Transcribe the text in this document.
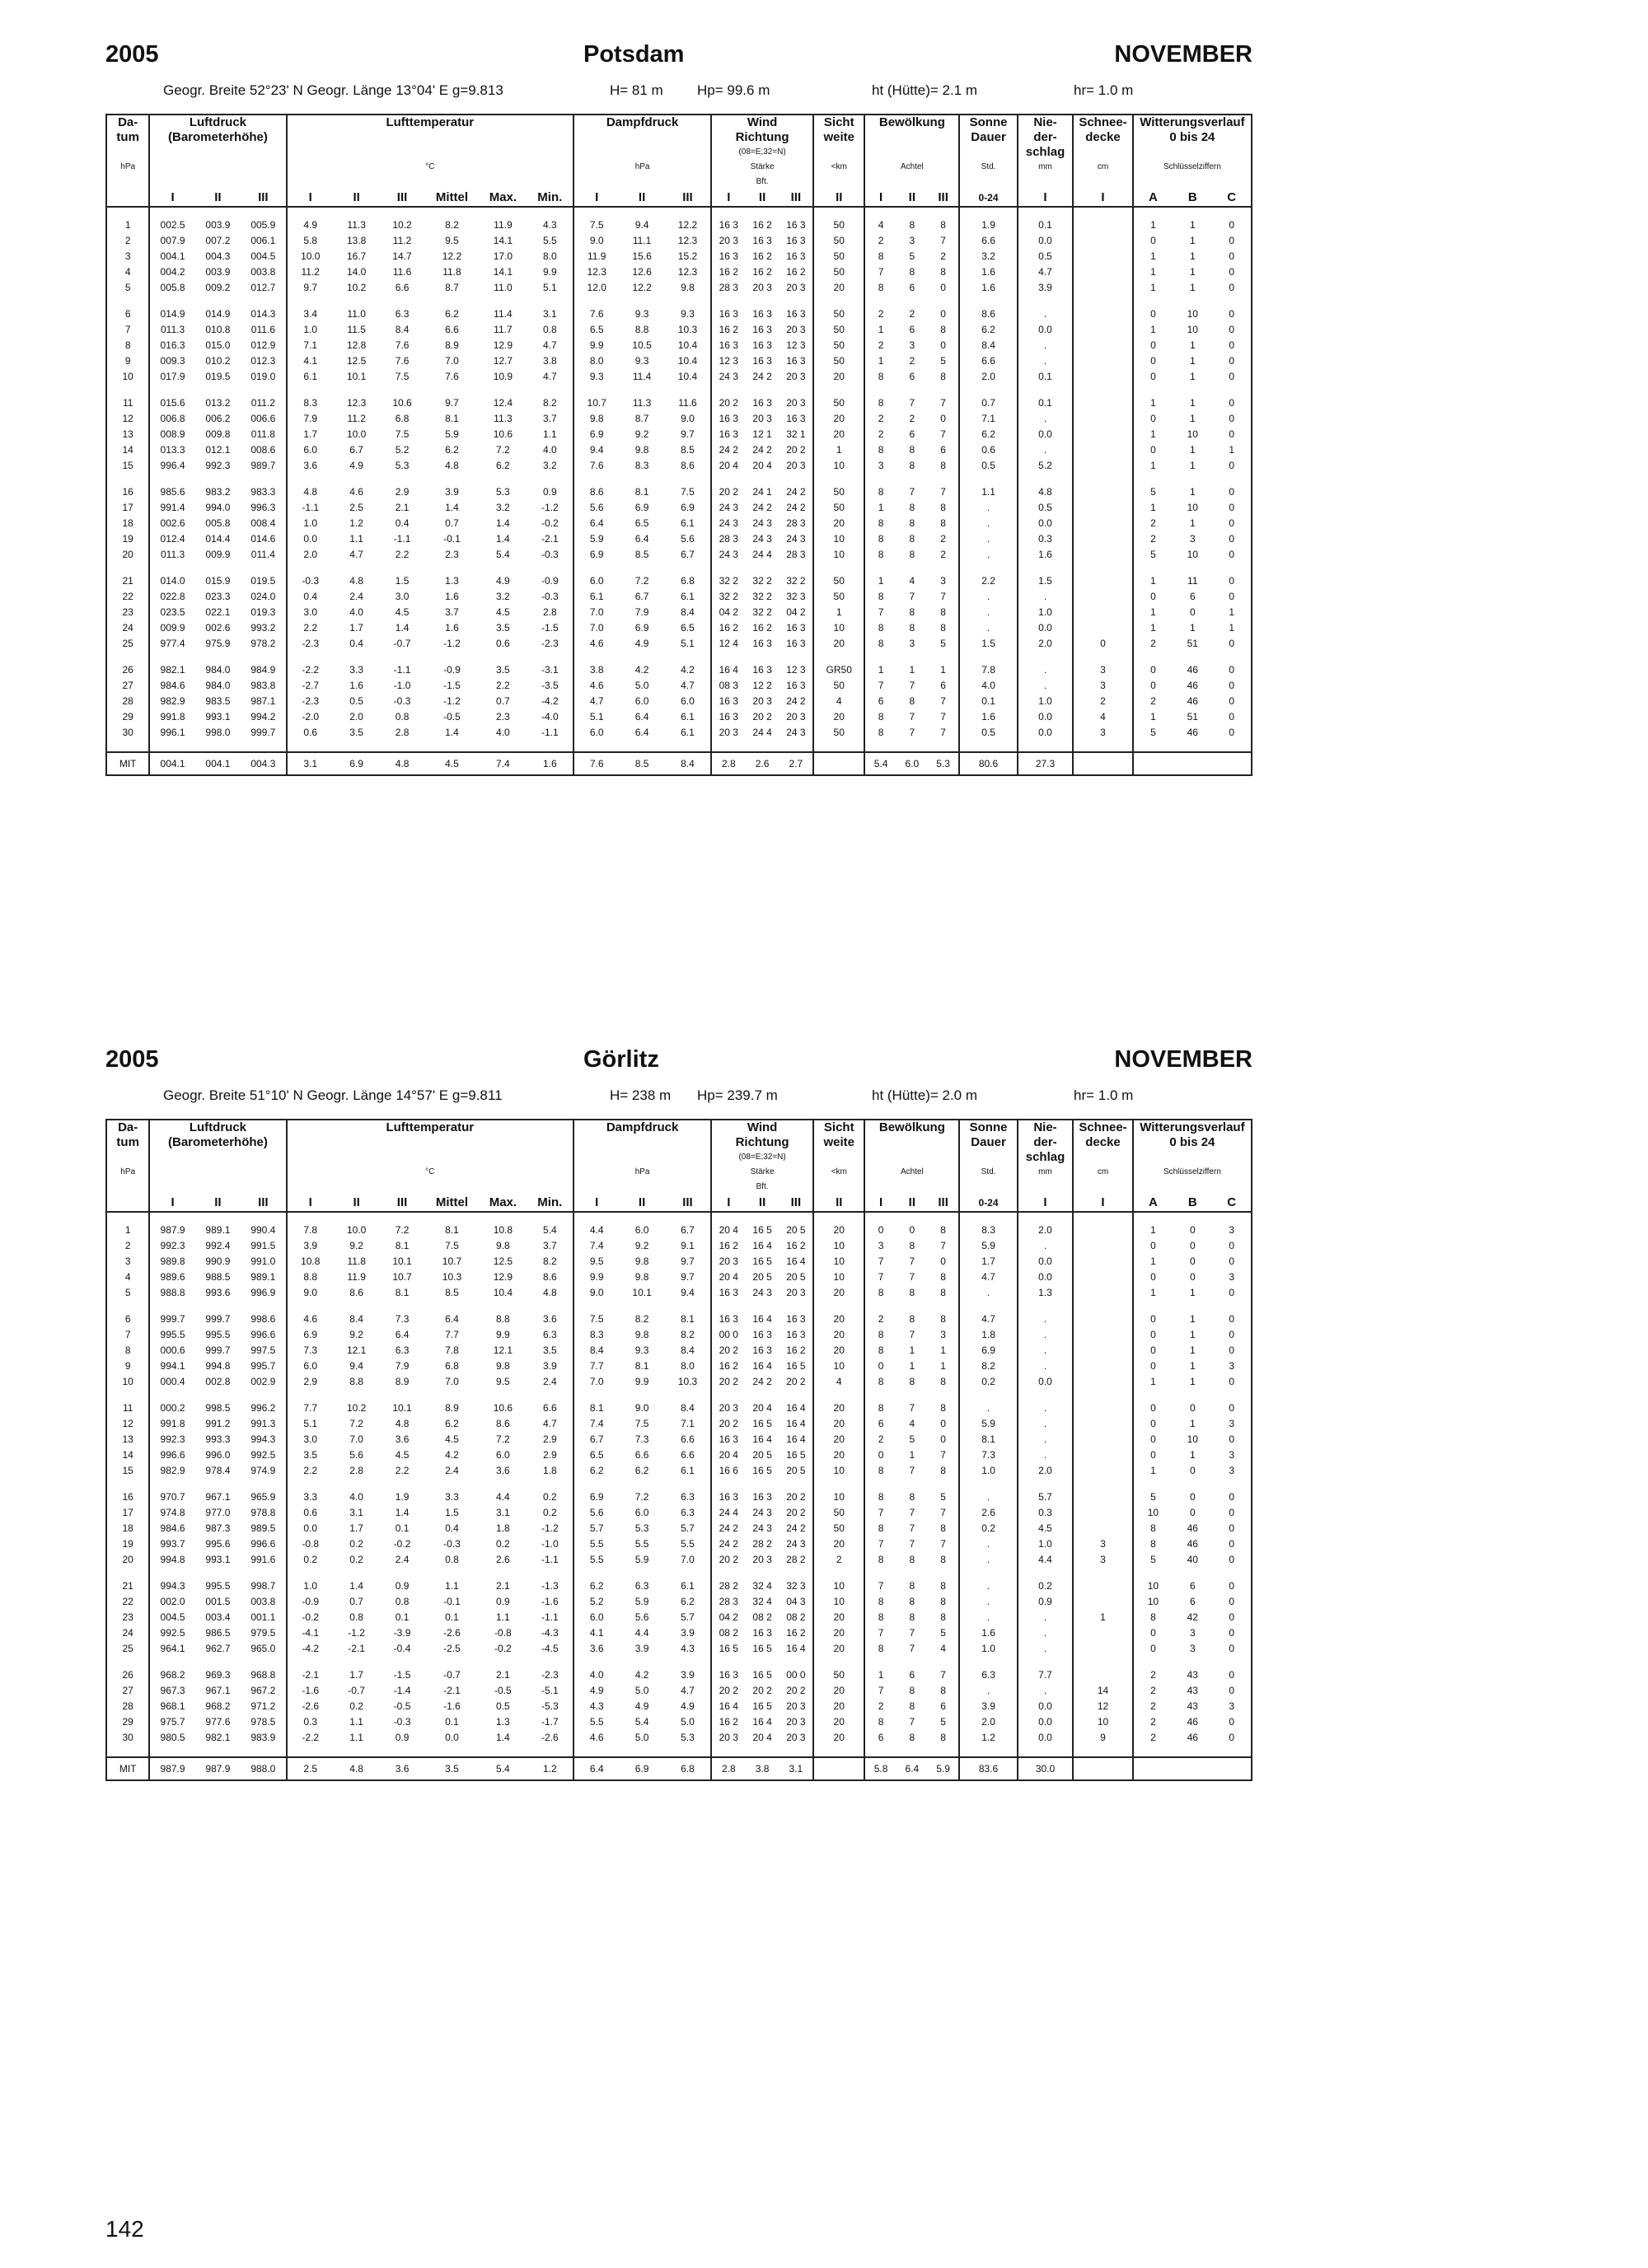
2005	Potsdam	NOVEMBER
Geogr. Breite 52°23' N Geogr. Länge 13°04' E g=9.813	H= 81 m Hp= 99.6 m	ht (Hütte)= 2.1 m	hr= 1.0 m
Da-	Luftdruck			Lufttemperatur						Dampfdruck			Wind			Sicht	Bewölkung			Sonne	Nie-	Schnee-	Witterungsverlauf		
tum	(Barometerhöhe)												Richtung			weite				Dauer	der-	decke	0 bis 24		
													(08=E;32=N)								schlag				
hPa				°C						hPa			Stärke			<km	Achtel			Std.	mm	cm	Schlüsselziffern		
													Bft.												
	I	II	III	I	II	III	Mittel	Max.	Min.	I	II	III	I	II	III	II	I	II	III	0-24	I	I	A	B	C

1	002.5	003.9	005.9	4.9	11.3	10.2	8.2	11.9	4.3	7.5	9.4	12.2	16 3	16 2	16 3	50	4	8	8	1.9	0.1		1	1	0
2	007.9	007.2	006.1	5.8	13.8	11.2	9.5	14.1	5.5	9.0	11.1	12.3	20 3	16 3	16 3	50	2	3	7	6.6	0.0		0	1	0
3	004.1	004.3	004.5	10.0	16.7	14.7	12.2	17.0	8.0	11.9	15.6	15.2	16 3	16 2	16 3	50	8	5	2	3.2	0.5		1	1	0
4	004.2	003.9	003.8	11.2	14.0	11.6	11.8	14.1	9.9	12.3	12.6	12.3	16 2	16 2	16 2	50	7	8	8	1.6	4.7		1	1	0
5	005.8	009.2	012.7	9.7	10.2	6.6	8.7	11.0	5.1	12.0	12.2	9.8	28 3	20 3	20 3	20	8	6	0	1.6	3.9		1	1	0

6	014.9	014.9	014.3	3.4	11.0	6.3	6.2	11.4	3.1	7.6	9.3	9.3	16 3	16 3	16 3	50	2	2	0	8.6	.		0	10	0
7	011.3	010.8	011.6	1.0	11.5	8.4	6.6	11.7	0.8	6.5	8.8	10.3	16 2	16 3	20 3	50	1	6	8	6.2	0.0		1	10	0
8	016.3	015.0	012.9	7.1	12.8	7.6	8.9	12.9	4.7	9.9	10.5	10.4	16 3	16 3	12 3	50	2	3	0	8.4	.		0	1	0
9	009.3	010.2	012.3	4.1	12.5	7.6	7.0	12.7	3.8	8.0	9.3	10.4	12 3	16 3	16 3	50	1	2	5	6.6	.		0	1	0
10	017.9	019.5	019.0	6.1	10.1	7.5	7.6	10.9	4.7	9.3	11.4	10.4	24 3	24 2	20 3	20	8	6	8	2.0	0.1		0	1	0

11	015.6	013.2	011.2	8.3	12.3	10.6	9.7	12.4	8.2	10.7	11.3	11.6	20 2	16 3	20 3	50	8	7	7	0.7	0.1		1	1	0
12	006.8	006.2	006.6	7.9	11.2	6.8	8.1	11.3	3.7	9.8	8.7	9.0	16 3	20 3	16 3	20	2	2	0	7.1	.		0	1	0
13	008.9	009.8	011.8	1.7	10.0	7.5	5.9	10.6	1.1	6.9	9.2	9.7	16 3	12 1	32 1	20	2	6	7	6.2	0.0		1	10	0
14	013.3	012.1	008.6	6.0	6.7	5.2	6.2	7.2	4.0	9.4	9.8	8.5	24 2	24 2	20 2	1	8	8	6	0.6	.		0	1	1
15	996.4	992.3	989.7	3.6	4.9	5.3	4.8	6.2	3.2	7.6	8.3	8.6	20 4	20 4	20 3	10	3	8	8	0.5	5.2		1	1	0

16	985.6	983.2	983.3	4.8	4.6	2.9	3.9	5.3	0.9	8.6	8.1	7.5	20 2	24 1	24 2	50	8	7	7	1.1	4.8		5	1	0
17	991.4	994.0	996.3	-1.1	2.5	2.1	1.4	3.2	-1.2	5.6	6.9	6.9	24 3	24 2	24 2	50	1	8	8	.	0.5		1	10	0
18	002.6	005.8	008.4	1.0	1.2	0.4	0.7	1.4	-0.2	6.4	6.5	6.1	24 3	24 3	28 3	20	8	8	8	.	0.0		2	1	0
19	012.4	014.4	014.6	0.0	1.1	-1.1	-0.1	1.4	-2.1	5.9	6.4	5.6	28 3	24 3	24 3	10	8	8	2	.	0.3		2	3	0
20	011.3	009.9	011.4	2.0	4.7	2.2	2.3	5.4	-0.3	6.9	8.5	6.7	24 3	24 4	28 3	10	8	8	2	.	1.6		5	10	0

21	014.0	015.9	019.5	-0.3	4.8	1.5	1.3	4.9	-0.9	6.0	7.2	6.8	32 2	32 2	32 2	50	1	4	3	2.2	1.5		1	11	0
22	022.8	023.3	024.0	0.4	2.4	3.0	1.6	3.2	-0.3	6.1	6.7	6.1	32 2	32 2	32 3	50	8	7	7	.	.		0	6	0
23	023.5	022.1	019.3	3.0	4.0	4.5	3.7	4.5	2.8	7.0	7.9	8.4	04 2	32 2	04 2	1	7	8	8	.	1.0		1	0	1
24	009.9	002.6	993.2	2.2	1.7	1.4	1.6	3.5	-1.5	7.0	6.9	6.5	16 2	16 2	16 3	10	8	8	8	.	0.0		1	1	1
25	977.4	975.9	978.2	-2.3	0.4	-0.7	-1.2	0.6	-2.3	4.6	4.9	5.1	12 4	16 3	16 3	20	8	3	5	1.5	2.0	0	2	51	0

26	982.1	984.0	984.9	-2.2	3.3	-1.1	-0.9	3.5	-3.1	3.8	4.2	4.2	16 4	16 3	12 3	GR50	1	1	1	7.8	.	3	0	46	0
27	984.6	984.0	983.8	-2.7	1.6	-1.0	-1.5	2.2	-3.5	4.6	5.0	4.7	08 3	12 2	16 3	50	7	7	6	4.0	.	3	0	46	0
28	982.9	983.5	987.1	-2.3	0.5	-0.3	-1.2	0.7	-4.2	4.7	6.0	6.0	16 3	20 3	24 2	4	6	8	7	0.1	1.0	2	2	46	0
29	991.8	993.1	994.2	-2.0	2.0	0.8	-0.5	2.3	-4.0	5.1	6.4	6.1	16 3	20 2	20 3	20	8	7	7	1.6	0.0	4	1	51	0
30	996.1	998.0	999.7	0.6	3.5	2.8	1.4	4.0	-1.1	6.0	6.4	6.1	20 3	24 4	24 3	50	8	7	7	0.5	0.0	3	5	46	0

MIT	004.1	004.1	004.3	3.1	6.9	4.8	4.5	7.4	1.6	7.6	8.5	8.4	2.8	2.6	2.7		5.4	6.0	5.3	80.6	27.3				
2005	Görlitz	NOVEMBER
Geogr. Breite 51°10' N Geogr. Länge 14°57' E g=9.811	H= 238 m Hp= 239.7 m	ht (Hütte)= 2.0 m	hr= 1.0 m
Da-	Luftdruck			Lufttemperatur						Dampfdruck			Wind			Sicht	Bewölkung			Sonne	Nie-	Schnee-	Witterungsverlauf		
tum	(Barometerhöhe)												Richtung			weite				Dauer	der-	decke	0 bis 24		
													(08=E;32=N)								schlag				
hPa				°C						hPa			Stärke			<km	Achtel			Std.	mm	cm	Schlüsselziffern		
													Bft.												
	I	II	III	I	II	III	Mittel	Max.	Min.	I	II	III	I	II	III	II	I	II	III	0-24	I	I	A	B	C

1	987.9	989.1	990.4	7.8	10.0	7.2	8.1	10.8	5.4	4.4	6.0	6.7	20 4	16 5	20 5	20	0	0	8	8.3	2.0		1	0	3
2	992.3	992.4	991.5	3.9	9.2	8.1	7.5	9.8	3.7	7.4	9.2	9.1	16 2	16 4	16 2	10	3	8	7	5.9	.		0	0	0
3	989.8	990.9	991.0	10.8	11.8	10.1	10.7	12.5	8.2	9.5	9.8	9.7	20 3	16 5	16 4	10	7	7	0	1.7	0.0		1	0	0
4	989.6	988.5	989.1	8.8	11.9	10.7	10.3	12.9	8.6	9.9	9.8	9.7	20 4	20 5	20 5	10	7	7	8	4.7	0.0		0	0	3
5	988.8	993.6	996.9	9.0	8.6	8.1	8.5	10.4	4.8	9.0	10.1	9.4	16 3	24 3	20 3	20	8	8	8	.	1.3		1	1	0

6	999.7	999.7	998.6	4.6	8.4	7.3	6.4	8.8	3.6	7.5	8.2	8.1	16 3	16 4	16 3	20	2	8	8	4.7	.		0	1	0
7	995.5	995.5	996.6	6.9	9.2	6.4	7.7	9.9	6.3	8.3	9.8	8.2	00 0	16 3	16 3	20	8	7	3	1.8	.		0	1	0
8	000.6	999.7	997.5	7.3	12.1	6.3	7.8	12.1	3.5	8.4	9.3	8.4	20 2	16 3	16 2	20	8	1	1	6.9	.		0	1	0
9	994.1	994.8	995.7	6.0	9.4	7.9	6.8	9.8	3.9	7.7	8.1	8.0	16 2	16 4	16 5	10	0	1	1	8.2	.		0	1	3
10	000.4	002.8	002.9	2.9	8.8	8.9	7.0	9.5	2.4	7.0	9.9	10.3	20 2	24 2	20 2	4	8	8	8	0.2	0.0		1	1	0

11	000.2	998.5	996.2	7.7	10.2	10.1	8.9	10.6	6.6	8.1	9.0	8.4	20 3	20 4	16 4	20	8	7	8	.	.		0	0	0
12	991.8	991.2	991.3	5.1	7.2	4.8	6.2	8.6	4.7	7.4	7.5	7.1	20 2	16 5	16 4	20	6	4	0	5.9	.		0	1	3
13	992.3	993.3	994.3	3.0	7.0	3.6	4.5	7.2	2.9	6.7	7.3	6.6	16 3	16 4	16 4	20	2	5	0	8.1	.		0	10	0
14	996.6	996.0	992.5	3.5	5.6	4.5	4.2	6.0	2.9	6.5	6.6	6.6	20 4	20 5	16 5	20	0	1	7	7.3	.		0	1	3
15	982.9	978.4	974.9	2.2	2.8	2.2	2.4	3.6	1.8	6.2	6.2	6.1	16 6	16 5	20 5	10	8	7	8	1.0	2.0		1	0	3

16	970.7	967.1	965.9	3.3	4.0	1.9	3.3	4.4	0.2	6.9	7.2	6.3	16 3	16 3	20 2	10	8	8	5	.	5.7		5	0	0
17	974.8	977.0	978.8	0.6	3.1	1.4	1.5	3.1	0.2	5.6	6.0	6.3	24 4	24 3	20 2	50	7	7	7	2.6	0.3		10	0	0
18	984.6	987.3	989.5	0.0	1.7	0.1	0.4	1.8	-1.2	5.7	5.3	5.7	24 2	24 3	24 2	50	8	7	8	0.2	4.5		8	46	0
19	993.7	995.6	996.6	-0.8	0.2	-0.2	-0.3	0.2	-1.0	5.5	5.5	5.5	24 2	28 2	24 3	20	7	7	7	.	1.0	3	8	46	0
20	994.8	993.1	991.6	0.2	0.2	2.4	0.8	2.6	-1.1	5.5	5.9	7.0	20 2	20 3	28 2	2	8	8	8	.	4.4	3	5	40	0

21	994.3	995.5	998.7	1.0	1.4	0.9	1.1	2.1	-1.3	6.2	6.3	6.1	28 2	32 4	32 3	10	7	8	8	.	0.2		10	6	0
22	002.0	001.5	003.8	-0.9	0.7	0.8	-0.1	0.9	-1.6	5.2	5.9	6.2	28 3	32 4	04 3	10	8	8	8	.	0.9		10	6	0
23	004.5	003.4	001.1	-0.2	0.8	0.1	0.1	1.1	-1.1	6.0	5.6	5.7	04 2	08 2	08 2	20	8	8	8	.	.	1	8	42	0
24	992.5	986.5	979.5	-4.1	-1.2	-3.9	-2.6	-0.8	-4.3	4.1	4.4	3.9	08 2	16 3	16 2	20	7	7	5	1.6	.		0	3	0
25	964.1	962.7	965.0	-4.2	-2.1	-0.4	-2.5	-0.2	-4.5	3.6	3.9	4.3	16 5	16 5	16 4	20	8	7	4	1.0	.		0	3	0

26	968.2	969.3	968.8	-2.1	1.7	-1.5	-0.7	2.1	-2.3	4.0	4.2	3.9	16 3	16 5	00 0	50	1	6	7	6.3	7.7		2	43	0
27	967.3	967.1	967.2	-1.6	-0.7	-1.4	-2.1	-0.5	-5.1	4.9	5.0	4.7	20 2	20 2	20 2	20	7	8	8	.	.	14	2	43	0
28	968.1	968.2	971.2	-2.6	0.2	-0.5	-1.6	0.5	-5.3	4.3	4.9	4.9	16 4	16 5	20 3	20	2	8	6	3.9	0.0	12	2	43	3
29	975.7	977.6	978.5	0.3	1.1	-0.3	0.1	1.3	-1.7	5.5	5.4	5.0	16 2	16 4	20 3	20	8	7	5	2.0	0.0	10	2	46	0
30	980.5	982.1	983.9	-2.2	1.1	0.9	0.0	1.4	-2.6	4.6	5.0	5.3	20 3	20 4	20 3	20	6	8	8	1.2	0.0	9	2	46	0

MIT	987.9	987.9	988.0	2.5	4.8	3.6	3.5	5.4	1.2	6.4	6.9	6.8	2.8	3.8	3.1		5.8	6.4	5.9	83.6	30.0				
142
